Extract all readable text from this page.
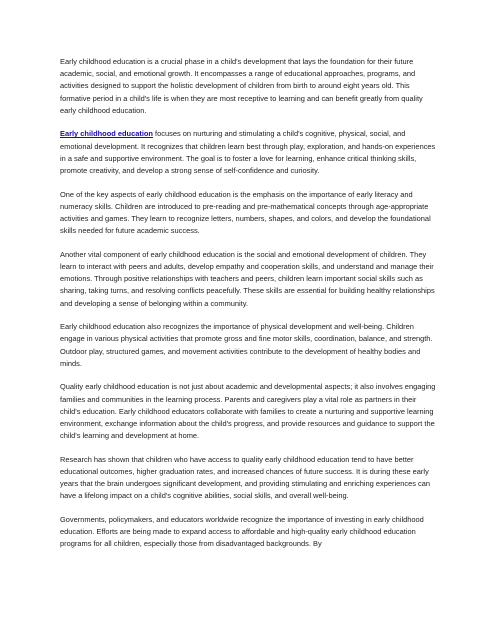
Early childhood education is a crucial phase in a child's development that lays the foundation for their future academic, social, and emotional growth. It encompasses a range of educational approaches, programs, and activities designed to support the holistic development of children from birth to around eight years old. This formative period in a child's life is when they are most receptive to learning and can benefit greatly from quality early childhood education.

Early childhood education focuses on nurturing and stimulating a child's cognitive, physical, social, and emotional development. It recognizes that children learn best through play, exploration, and hands-on experiences in a safe and supportive environment. The goal is to foster a love for learning, enhance critical thinking skills, promote creativity, and develop a strong sense of self-confidence and curiosity.

One of the key aspects of early childhood education is the emphasis on the importance of early literacy and numeracy skills. Children are introduced to pre-reading and pre-mathematical concepts through age-appropriate activities and games. They learn to recognize letters, numbers, shapes, and colors, and develop the foundational skills needed for future academic success.

Another vital component of early childhood education is the social and emotional development of children. They learn to interact with peers and adults, develop empathy and cooperation skills, and understand and manage their emotions. Through positive relationships with teachers and peers, children learn important social skills such as sharing, taking turns, and resolving conflicts peacefully. These skills are essential for building healthy relationships and developing a sense of belonging within a community.

Early childhood education also recognizes the importance of physical development and well-being. Children engage in various physical activities that promote gross and fine motor skills, coordination, balance, and strength. Outdoor play, structured games, and movement activities contribute to the development of healthy bodies and minds.

Quality early childhood education is not just about academic and developmental aspects; it also involves engaging families and communities in the learning process. Parents and caregivers play a vital role as partners in their child's education. Early childhood educators collaborate with families to create a nurturing and supportive learning environment, exchange information about the child's progress, and provide resources and guidance to support the child's learning and development at home.

Research has shown that children who have access to quality early childhood education tend to have better educational outcomes, higher graduation rates, and increased chances of future success. It is during these early years that the brain undergoes significant development, and providing stimulating and enriching experiences can have a lifelong impact on a child's cognitive abilities, social skills, and overall well-being.

Governments, policymakers, and educators worldwide recognize the importance of investing in early childhood education. Efforts are being made to expand access to affordable and high-quality early childhood education programs for all children, especially those from disadvantaged backgrounds. By
